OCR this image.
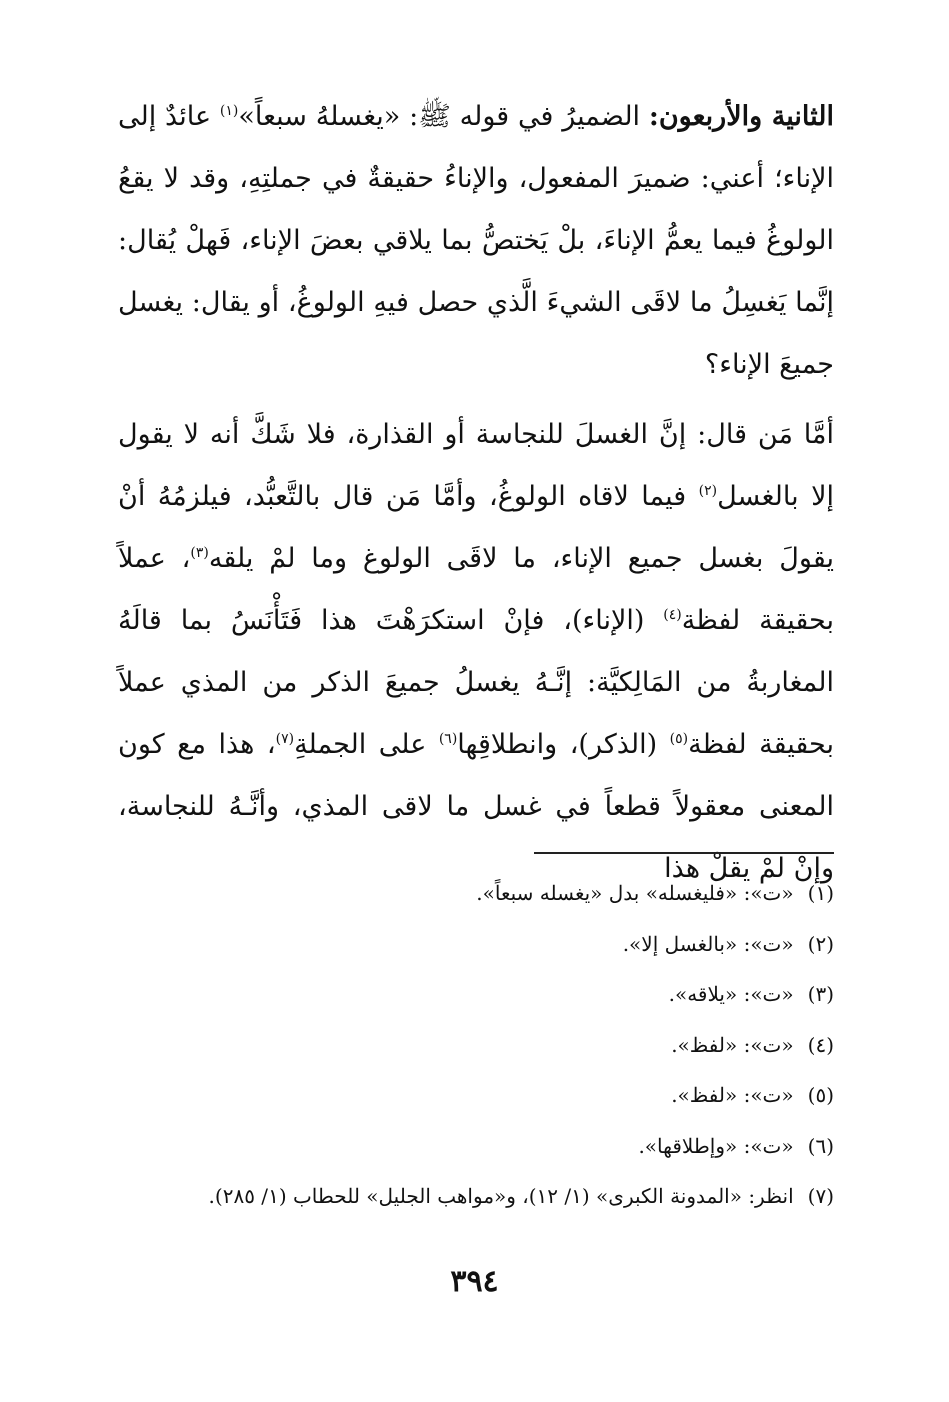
الثانية والأربعون: الضميرُ في قوله ﷺ: «يغسلهُ سبعاً»$^{(١)}$ عائدٌ إلى الإناء؛ أعني: ضميرَ المفعول، والإناءُ حقيقةٌ في جملتِهِ، وقد لا يقعُ الولوغُ فيما يعمُّ الإناءَ، بلْ يَختصُّ بما يلاقي بعضَ الإناء، فَهلْ يُقال: إنَّما يَغسِلُ ما لاقَى الشيءَ الَّذي حصل فيهِ الولوغُ، أو يقال: يغسل جميعَ الإناء؟

أمَّا مَن قال: إنَّ الغسلَ للنجاسة أو القذارة، فلا شَكَّ أنه لا يقول إلا بالغسل$^{(٢)}$ فيما لاقاه الولوغُ، وأمَّا مَن قال بالتَّعبُّد، فيلزمُهُ أنْ يقولَ بغسل جميع الإناء، ما لاقَى الولوغ وما لمْ يلقه$^{(٣)}$، عملاً بحقيقة لفظة$^{(٤)}$ (الإناء)، فإنْ استكرَهْتَ هذا فَتَأْنَسُ بما قالَهُ المغاربةُ من المَالِكيَّة: إنَّـهُ يغسلُ جميعَ الذكر من المذي عملاً بحقيقة لفظة$^{(٥)}$ (الذكر)، وانطلاقِها$^{(٦)}$ على الجملةِ$^{(٧)}$، هذا مع كون المعنى معقولاً قطعاً في غسل ما لاقى المذي، وأنَّـهُ للنجاسة، وإنْ لمْ يقلْ هذا

(١)«ت»: «فليغسله» بدل «يغسله سبعاً».
(٢)«ت»: «بالغسل إلا».
(٣)«ت»: «يلاقه».
(٤)«ت»: «لفظ».
(٥)«ت»: «لفظ».
(٦)«ت»: «وإطلاقها».
(٧)انظر: «المدونة الكبرى» (١/ ١٢)، و«مواهب الجليل» للحطاب (١/ ٢٨٥).
٣٩٤
